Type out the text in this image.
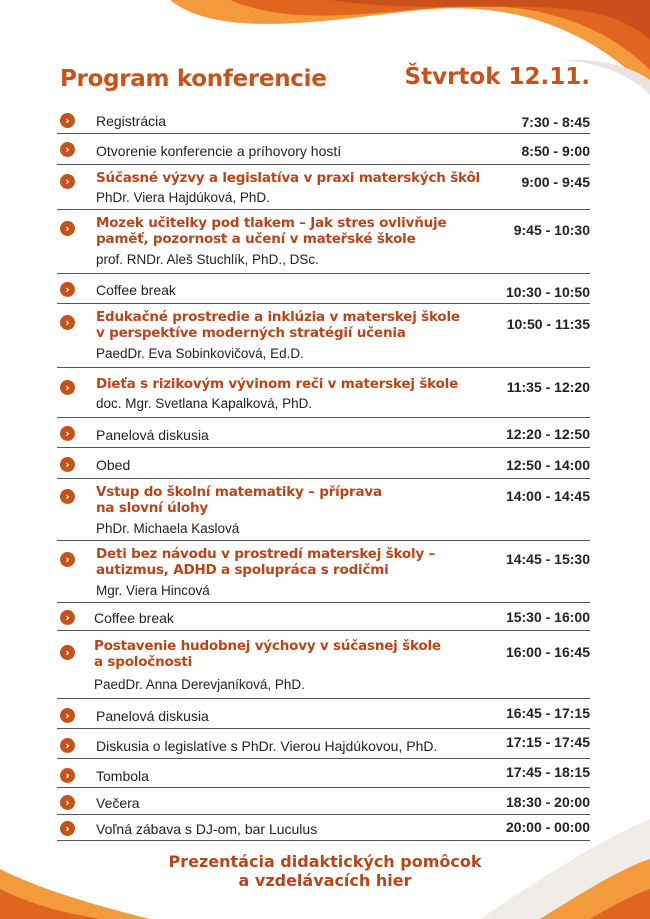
Program konferencie	Štvrtok 12.11.
›	Registrácia	7:30 - 8:45
›	Otvorenie konferencie a príhovory hostí	8:50 - 9:00
›	Súčasné výzvy a legislatíva v praxi materských škôl
PhDr. Viera Hajdúková, PhD.
9:00 - 9:45
›	Mozek učitelky pod tlakem – Jak stres ovlivňuje
paměť, pozornost a učení v mateřské škole
prof. RNDr. Aleš Stuchlík, PhD., DSc.
9:45 - 10:30
›	Coffee break	10:30 - 10:50
›	Edukačné prostredie a inklúzia v materskej škole
v perspektíve moderných stratégií učenia
PaedDr. Eva Sobinkovičová, Ed.D.
10:50 - 11:35
›	Dieťa s rizikovým vývinom reči v materskej škole
doc. Mgr. Svetlana Kapalková, PhD.
11:35 - 12:20
›	Panelová diskusia	12:20 - 12:50
›	Obed	12:50 - 14:00
›	Vstup do školní matematiky – příprava
na slovní úlohy
PhDr. Michaela Kaslová
14:00 - 14:45
›	Deti bez návodu v prostredí materskej školy –
autizmus, ADHD a spolupráca s rodičmi
Mgr. Viera Hincová
14:45 - 15:30
›	Coffee break	15:30 - 16:00
›	Postavenie hudobnej výchovy v súčasnej škole
a spoločnosti
PaedDr. Anna Derevjaníková, PhD.
16:00 - 16:45
›	Panelová diskusia	16:45 - 17:15
›	Diskusia o legislatíve s PhDr. Vierou Hajdúkovou, PhD.	17:15 - 17:45
›	Tombola	17:45 - 18:15
›	Večera	18:30 - 20:00
›	Voľná zábava s DJ-om, bar Luculus	20:00 - 00:00
Prezentácia didaktických pomôcok
a vzdelávacích hier
